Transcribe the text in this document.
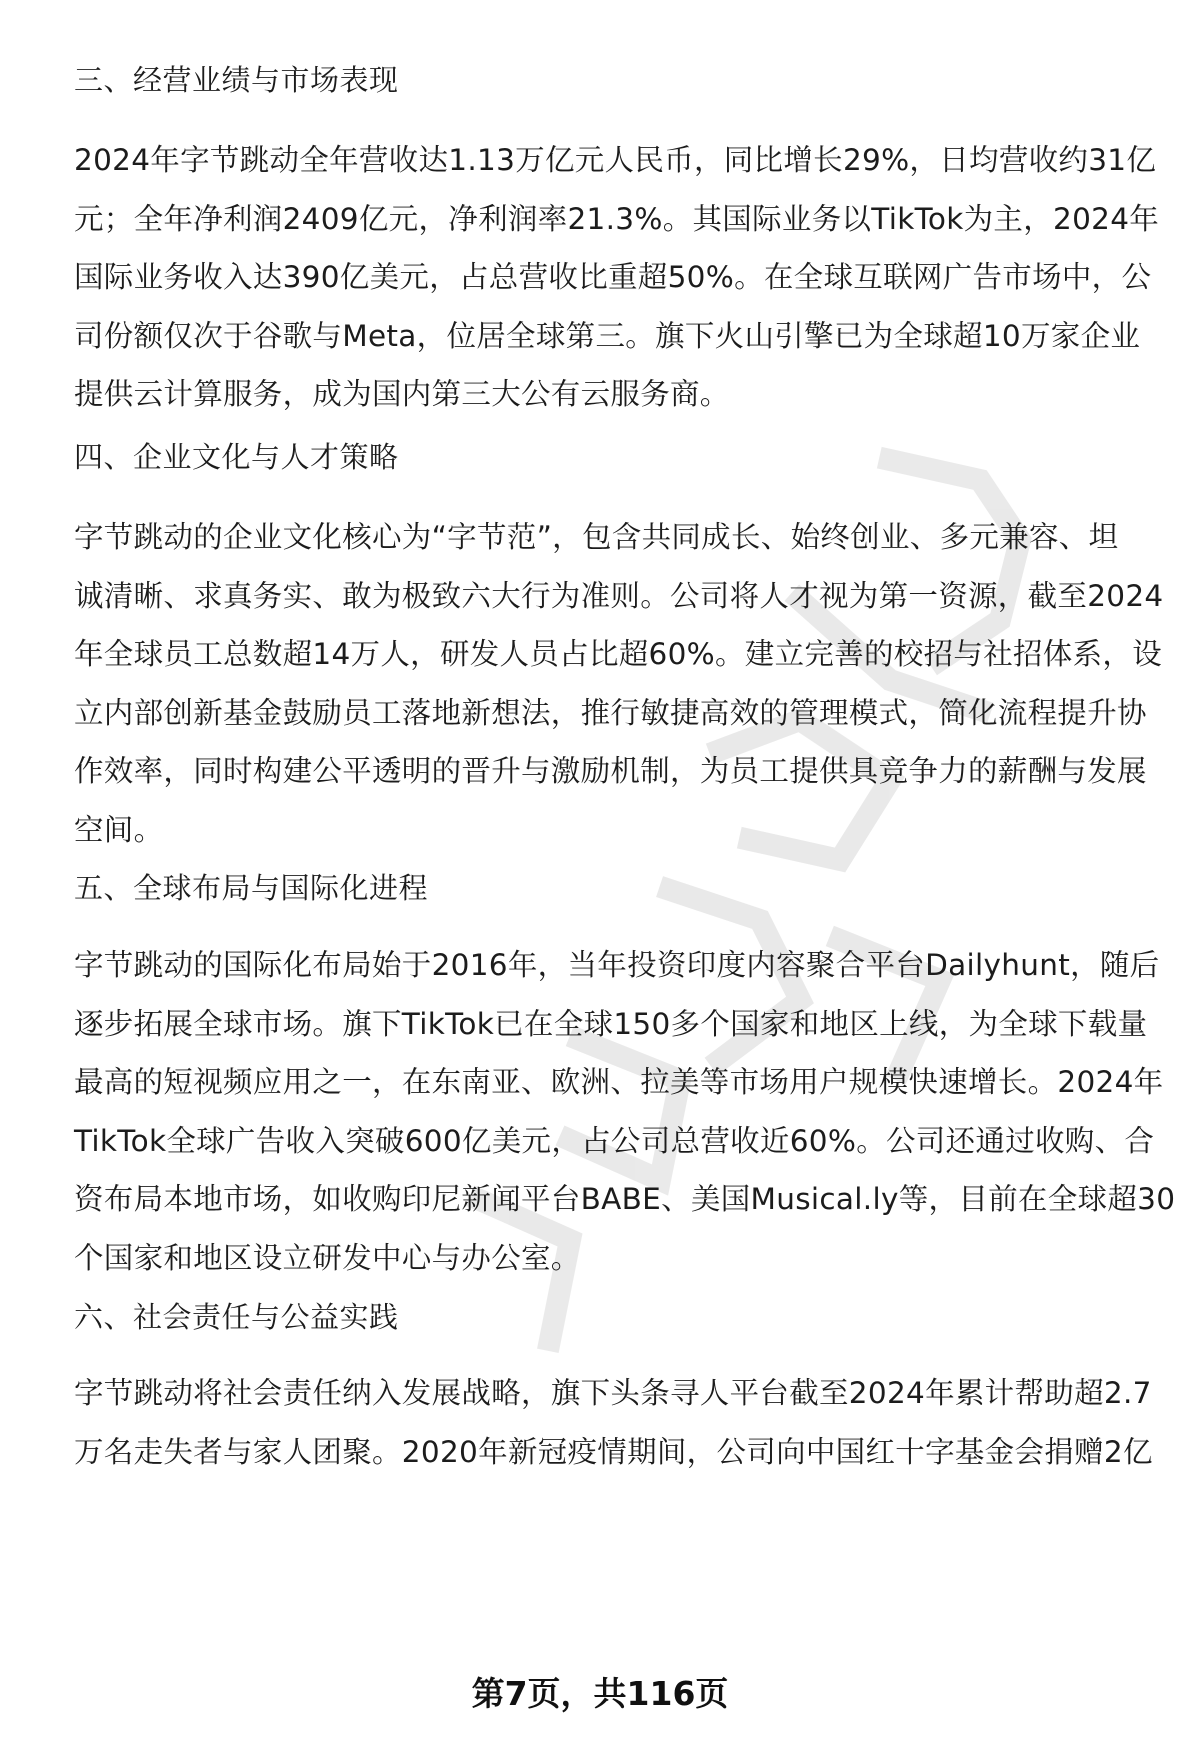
三、经营业绩与市场表现
2024年字节跳动全年营收达1.13万亿元人民币，同比增长29%，日均营收约31亿
元；全年净利润2409亿元，净利润率21.3%。其国际业务以TikTok为主，2024年
国际业务收入达390亿美元，占总营收比重超50%。在全球互联网广告市场中，公
司份额仅次于谷歌与Meta，位居全球第三。旗下火山引擎已为全球超10万家企业
提供云计算服务，成为国内第三大公有云服务商。
四、企业文化与人才策略
字节跳动的企业文化核心为“字节范”，包含共同成长、始终创业、多元兼容、坦
诚清晰、求真务实、敢为极致六大行为准则。公司将人才视为第一资源，截至2024
年全球员工总数超14万人，研发人员占比超60%。建立完善的校招与社招体系，设
立内部创新基金鼓励员工落地新想法，推行敏捷高效的管理模式，简化流程提升协
作效率，同时构建公平透明的晋升与激励机制，为员工提供具竞争力的薪酬与发展
空间。
五、全球布局与国际化进程
字节跳动的国际化布局始于2016年，当年投资印度内容聚合平台Dailyhunt，随后
逐步拓展全球市场。旗下TikTok已在全球150多个国家和地区上线，为全球下载量
最高的短视频应用之一，在东南亚、欧洲、拉美等市场用户规模快速增长。2024年
TikTok全球广告收入突破600亿美元，占公司总营收近60%。公司还通过收购、合
资布局本地市场，如收购印尼新闻平台BABE、美国Musical.ly等，目前在全球超30
个国家和地区设立研发中心与办公室。
六、社会责任与公益实践
字节跳动将社会责任纳入发展战略，旗下头条寻人平台截至2024年累计帮助超2.7
万名走失者与家人团聚。2020年新冠疫情期间，公司向中国红十字基金会捐赠2亿
第7页，共116页
